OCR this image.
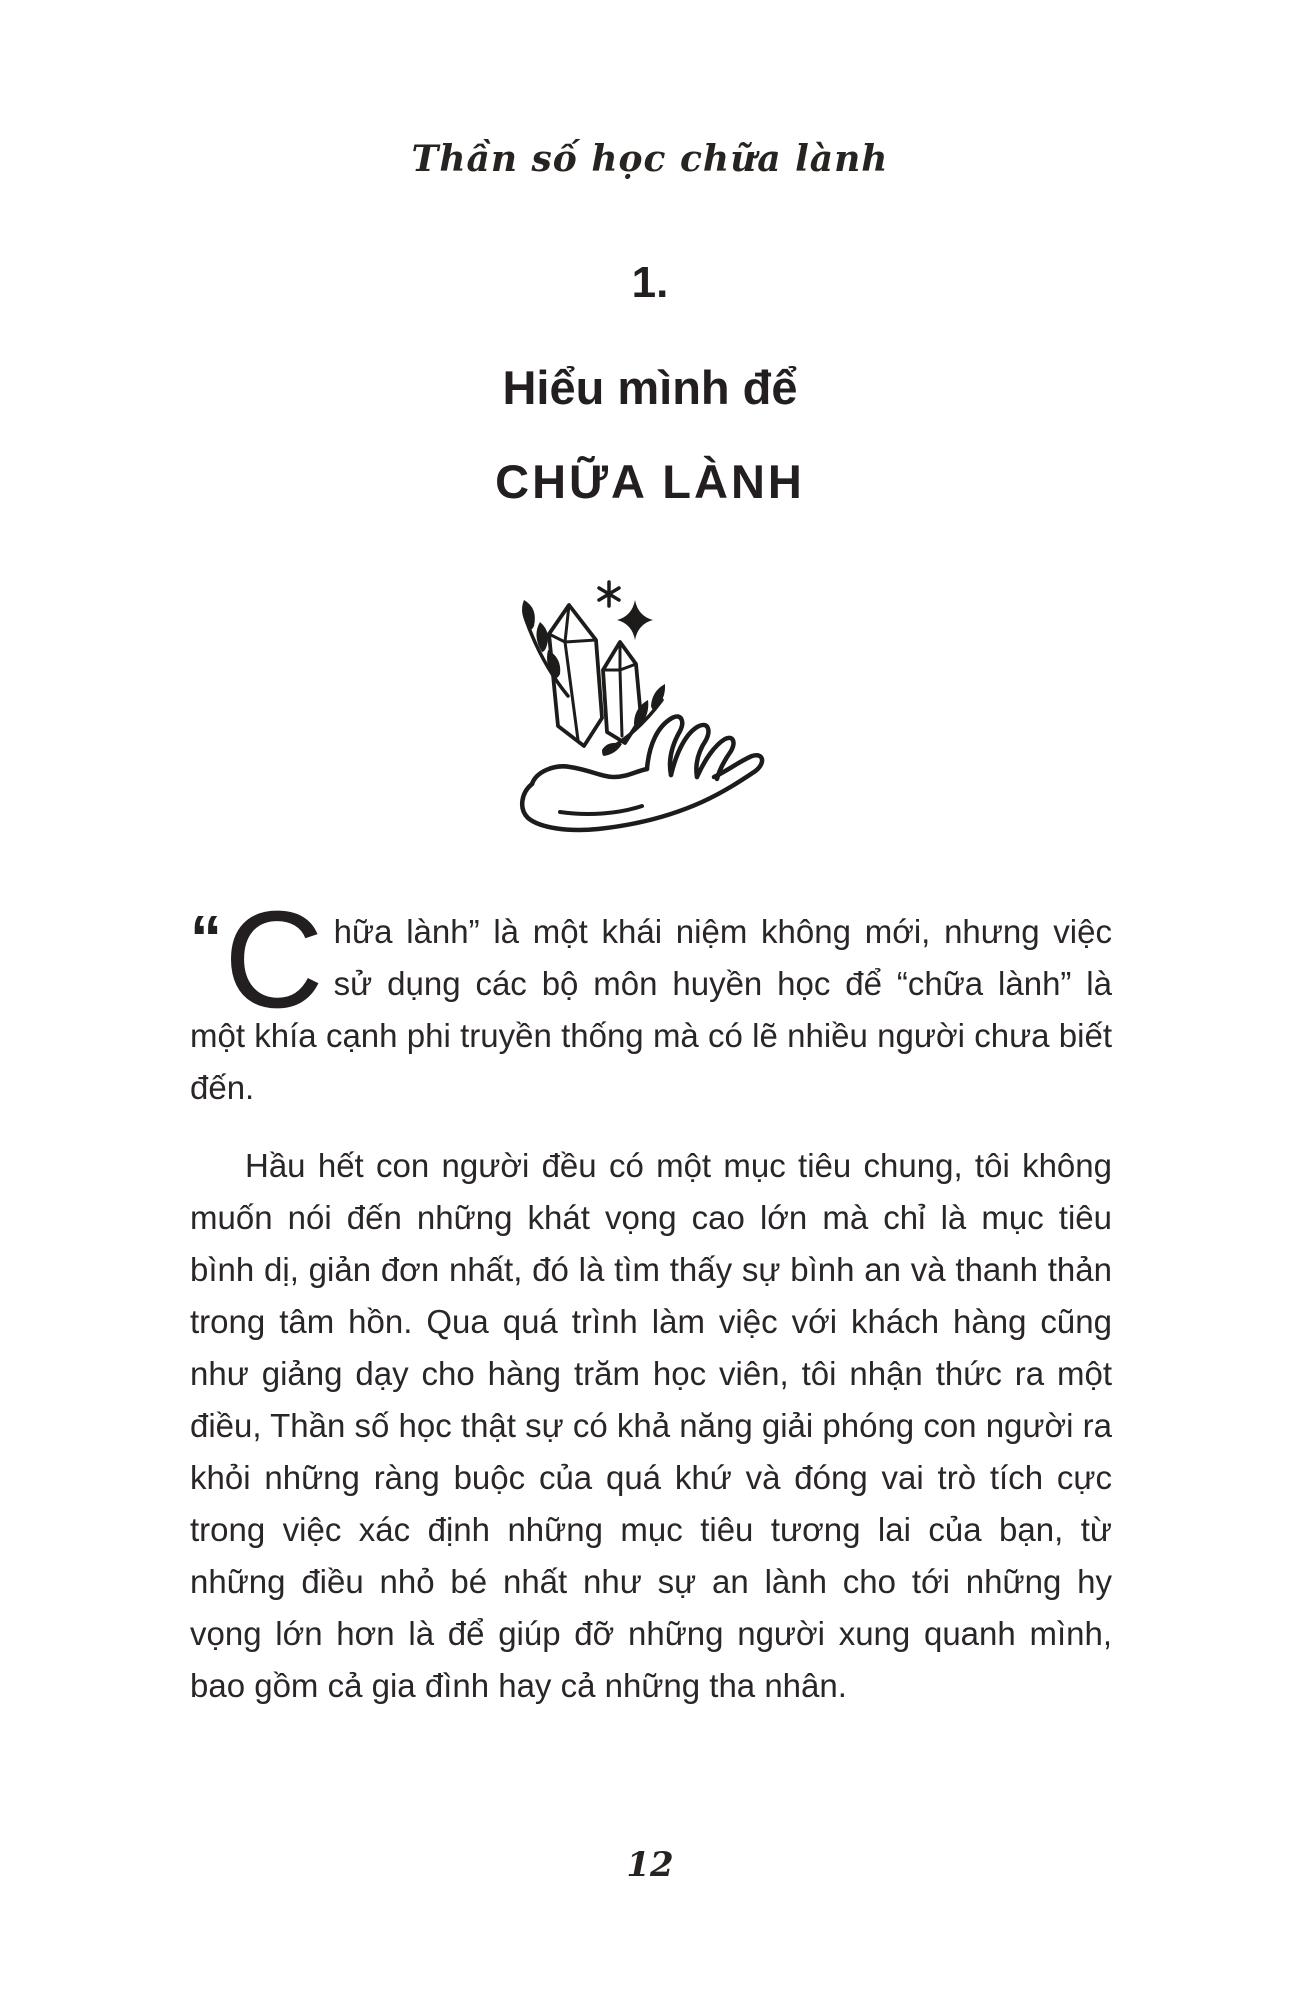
Thần số học chữa lành
1.
Hiểu mình để
CHỮA LÀNH

“ C hữa lành” là một khái niệm không mới, nhưng việc sử dụng các bộ môn huyền học để “chữa lành” là một khía cạnh phi truyền thống mà có lẽ nhiều người chưa biết đến.

Hầu hết con người đều có một mục tiêu chung, tôi không muốn nói đến những khát vọng cao lớn mà chỉ là mục tiêu bình dị, giản đơn nhất, đó là tìm thấy sự bình an và thanh thản trong tâm hồn. Qua quá trình làm việc với khách hàng cũng như giảng dạy cho hàng trăm học viên, tôi nhận thức ra một điều, Thần số học thật sự có khả năng giải phóng con người ra khỏi những ràng buộc của quá khứ và đóng vai trò tích cực trong việc xác định những mục tiêu tương lai của bạn, từ những điều nhỏ bé nhất như sự an lành cho tới những hy vọng lớn hơn là để giúp đỡ những người xung quanh mình, bao gồm cả gia đình hay cả những tha nhân.

12
